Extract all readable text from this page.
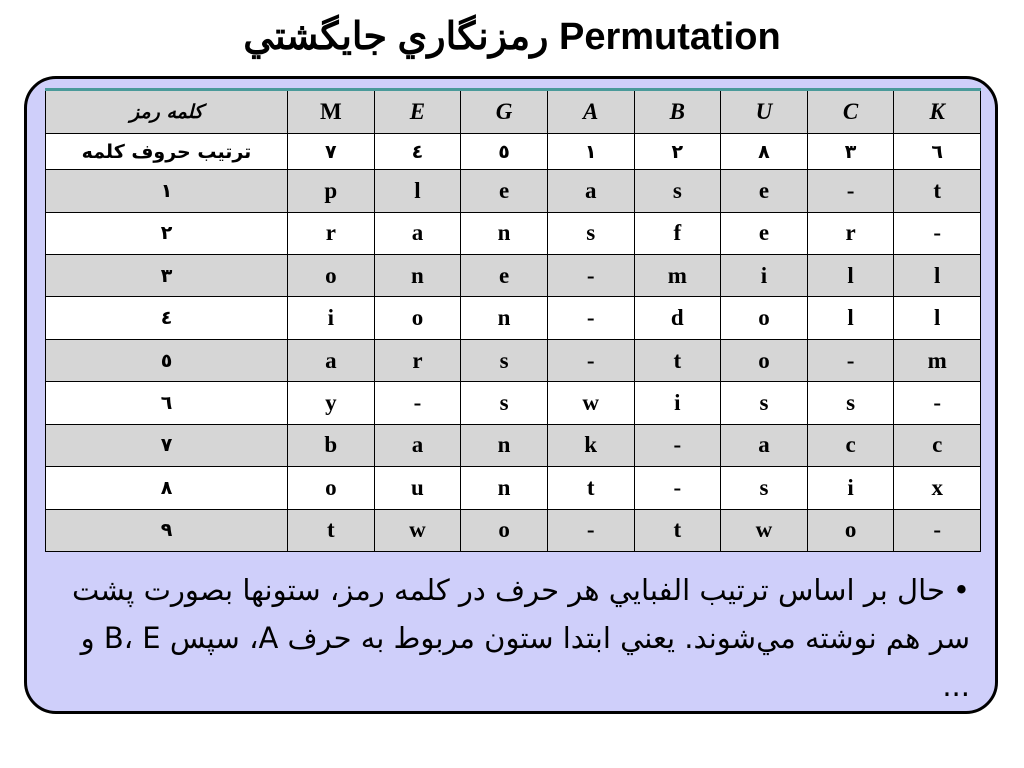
رمزنگاري جايگشتي Permutation
كلمه رمز	M	E	G	A	B	U	C	K
ترتيب حروف كلمه	٧	٤	٥	١	٢	٨	٣	٦
١	p	l	e	a	s	e	-	t
٢	r	a	n	s	f	e	r	-
٣	o	n	e	-	m	i	l	l
٤	i	o	n	-	d	o	l	l
٥	a	r	s	-	t	o	-	m
٦	y	-	s	w	i	s	s	-
٧	b	a	n	k	-	a	c	c
٨	o	u	n	t	-	s	i	x
٩	t	w	o	-	t	w	o	-
•حال بر اساس ترتيب الفبايي هر حرف در كلمه رمز، ستونها بصورت پشت سر هم نوشته مي‌شوند. يعني ابتدا ستون مربوط به حرف A، سپس B، E و ...
